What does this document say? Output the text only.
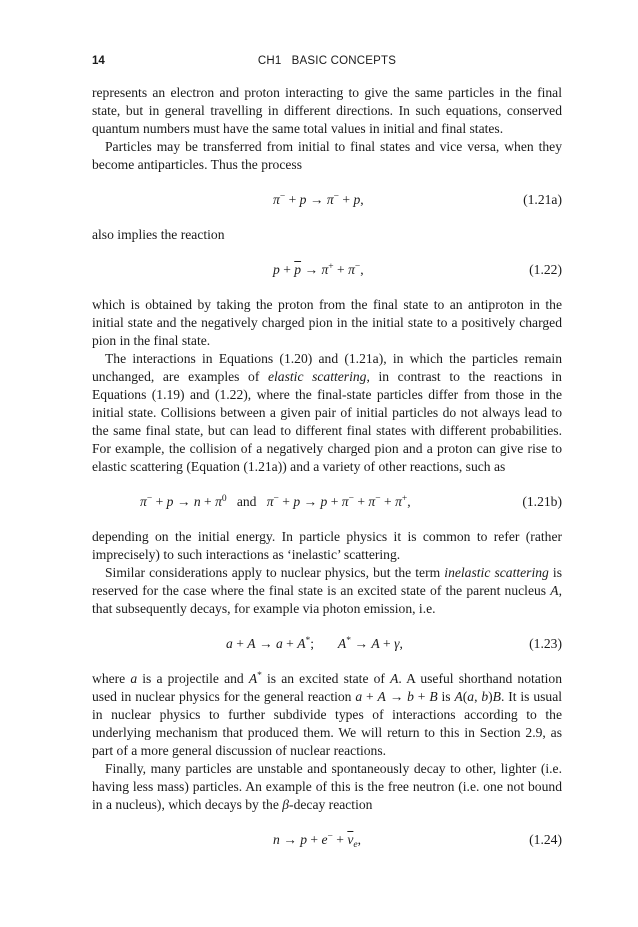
14	CH1   BASIC CONCEPTS

represents an electron and proton interacting to give the same particles in the final state, but in general travelling in different directions. In such equations, conserved quantum numbers must have the same total values in initial and final states.

Particles may be transferred from initial to final states and vice versa, when they become antiparticles. Thus the process

π− + p → π− + p,	(1.21a)

also implies the reaction

$p + \overline{p} \to \pi^+ + \pi^-$,	(1.22)

which is obtained by taking the proton from the final state to an antiproton in the initial state and the negatively charged pion in the initial state to a positively charged pion in the final state.

The interactions in Equations (1.20) and (1.21a), in which the particles remain unchanged, are examples of elastic scattering, in contrast to the reactions in Equations (1.19) and (1.22), where the final-state particles differ from those in the initial state. Collisions between a given pair of initial particles do not always lead to the same final state, but can lead to different final states with different probabilities. For example, the collision of a negatively charged pion and a proton can give rise to elastic scattering (Equation (1.21a)) and a variety of other reactions, such as

$\pi^- + p \to n + \pi^0$   and   π− + p → p + π− + π− + π+,	(1.21b)

depending on the initial energy. In particle physics it is common to refer (rather imprecisely) to such interactions as ‘inelastic’ scattering.

Similar considerations apply to nuclear physics, but the term inelastic scattering is reserved for the case where the final state is an excited state of the parent nucleus A, that subsequently decays, for example via photon emission, i.e.

a + A → a + A*;       A* → A + γ,	(1.23)

where a is a projectile and A* is an excited state of A. A useful shorthand notation used in nuclear physics for the general reaction a + A → b + B is A(a, b)B. It is usual in nuclear physics to further subdivide types of interactions according to the underlying mechanism that produced them. We will return to this in Section 2.9, as part of a more general discussion of nuclear reactions.

Finally, many particles are unstable and spontaneously decay to other, lighter (i.e. having less mass) particles. An example of this is the free neutron (i.e. one not bound in a nucleus), which decays by the β-decay reaction

$n \to p + e^- + \overline{\nu}_e$,	(1.24)
